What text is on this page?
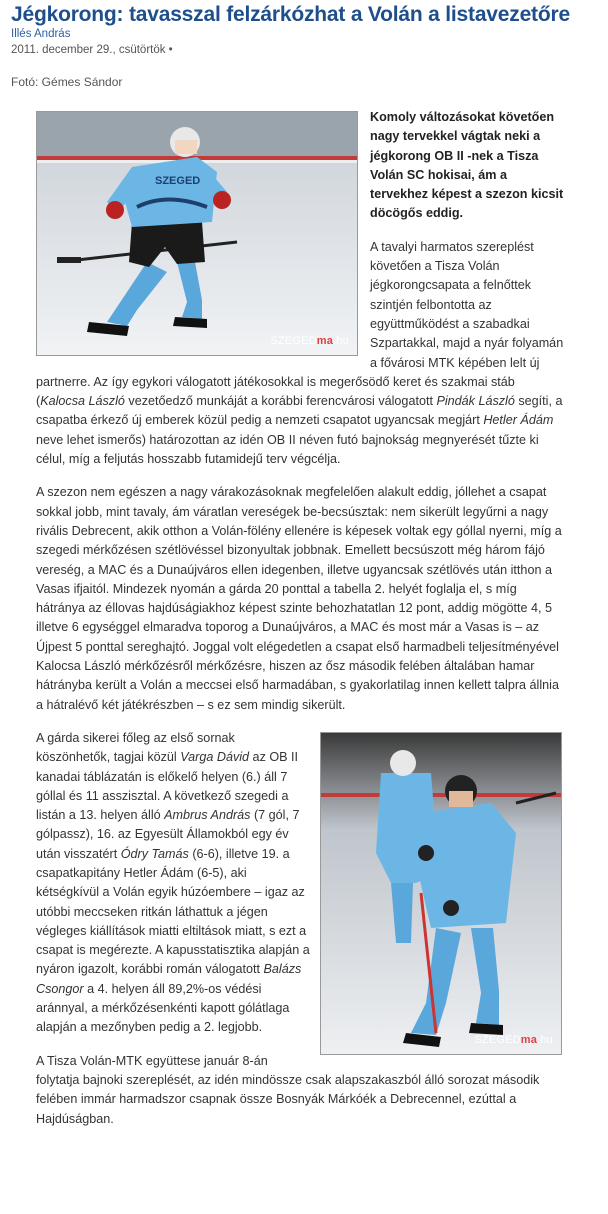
Jégkorong: tavasszal felzárkózhat a Volán a listavezetőre
Illés András
2011. december 29., csütörtök •
Fotó: Gémes Sándor
SZEGED
SZEGEDma.hu

Komoly változásokat követően nagy tervekkel vágtak neki a jégkorong OB II -nek a Tisza Volán SC hokisai, ám a tervekhez képest a szezon kicsit döcögős eddig.

A tavalyi harmatos szereplést követően a Tisza Volán jégkorongcsapata a felnőttek szintjén felbontotta az együttműködést a szabadkai Szpartakkal, majd a nyár folyamán a fővárosi MTK képében lelt új partnerre. Az így egykori válogatott játékosokkal is megerősödő keret és szakmai stáb (Kalocsa László vezetőedző munkáját a korábbi ferencvárosi válogatott Pindák László segíti, a csapatba érkező új emberek közül pedig a nemzeti csapatot ugyancsak megjárt Hetler Ádám neve lehet ismerős) határozottan az idén OB II néven futó bajnokság megnyerését tűzte ki célul, míg a feljutás hosszabb futamidejű terv végcélja.

A szezon nem egészen a nagy várakozásoknak megfelelően alakult eddig, jóllehet a csapat sokkal jobb, mint tavaly, ám váratlan vereségek be-becsúsztak: nem sikerült legyűrni a nagy rivális Debrecent, akik otthon a Volán-fölény ellenére is képesek voltak egy góllal nyerni, míg a szegedi mérkőzésen szétlövéssel bizonyultak jobbnak. Emellett becsúszott még három fájó vereség, a MAC és a Dunaújváros ellen idegenben, illetve ugyancsak szétlövés után itthon a Vasas ifjaitól. Mindezek nyomán a gárda 20 ponttal a tabella 2. helyét foglalja el, s míg hátránya az éllovas hajdúságiakhoz képest szinte behozhatatlan 12 pont, addig mögötte 4, 5 illetve 6 egységgel elmaradva toporog a Dunaújváros, a MAC és most már a Vasas is – az Újpest 5 ponttal sereghajtó. Joggal volt elégedetlen a csapat első harmadbeli teljesítményével Kalocsa László mérkőzésről mérkőzésre, hiszen az ősz második felében általában hamar hátrányba került a Volán a meccsei első harmadában, s gyakorlatilag innen kellett talpra állnia a hátralévő két játékrészben – s ez sem mindig sikerült.

SZEGEDma.hu

A gárda sikerei főleg az első sornak köszönhetők, tagjai közül Varga Dávid az OB II kanadai táblázatán is előkelő helyen (6.) áll 7 góllal és 11 asszisztal. A következő szegedi a listán a 13. helyen álló Ambrus András (7 gól, 7 gólpassz), 16. az Egyesült Államokból egy év után visszatért Ódry Tamás (6-6), illetve 19. a csapatkapitány Hetler Ádám (6-5), aki kétségkívül a Volán egyik húzóembere – igaz az utóbbi meccseken ritkán láthattuk a jégen végleges kiállítások miatti eltiltások miatt, s ezt a csapat is megérezte. A kapusstatisztika alapján a nyáron igazolt, korábbi román válogatott Balázs Csongor a 4. helyen áll 89,2%-os védési aránnyal, a mérkőzésenkénti kapott gólátlaga alapján a mezőnyben pedig a 2. legjobb.

A Tisza Volán-MTK együttese január 8-án folytatja bajnoki szereplését, az idén mindössze csak alapszakaszból álló sorozat második felében immár harmadszor csapnak össze Bosnyák Márkóék a Debrecennel, ezúttal a Hajdúságban.
